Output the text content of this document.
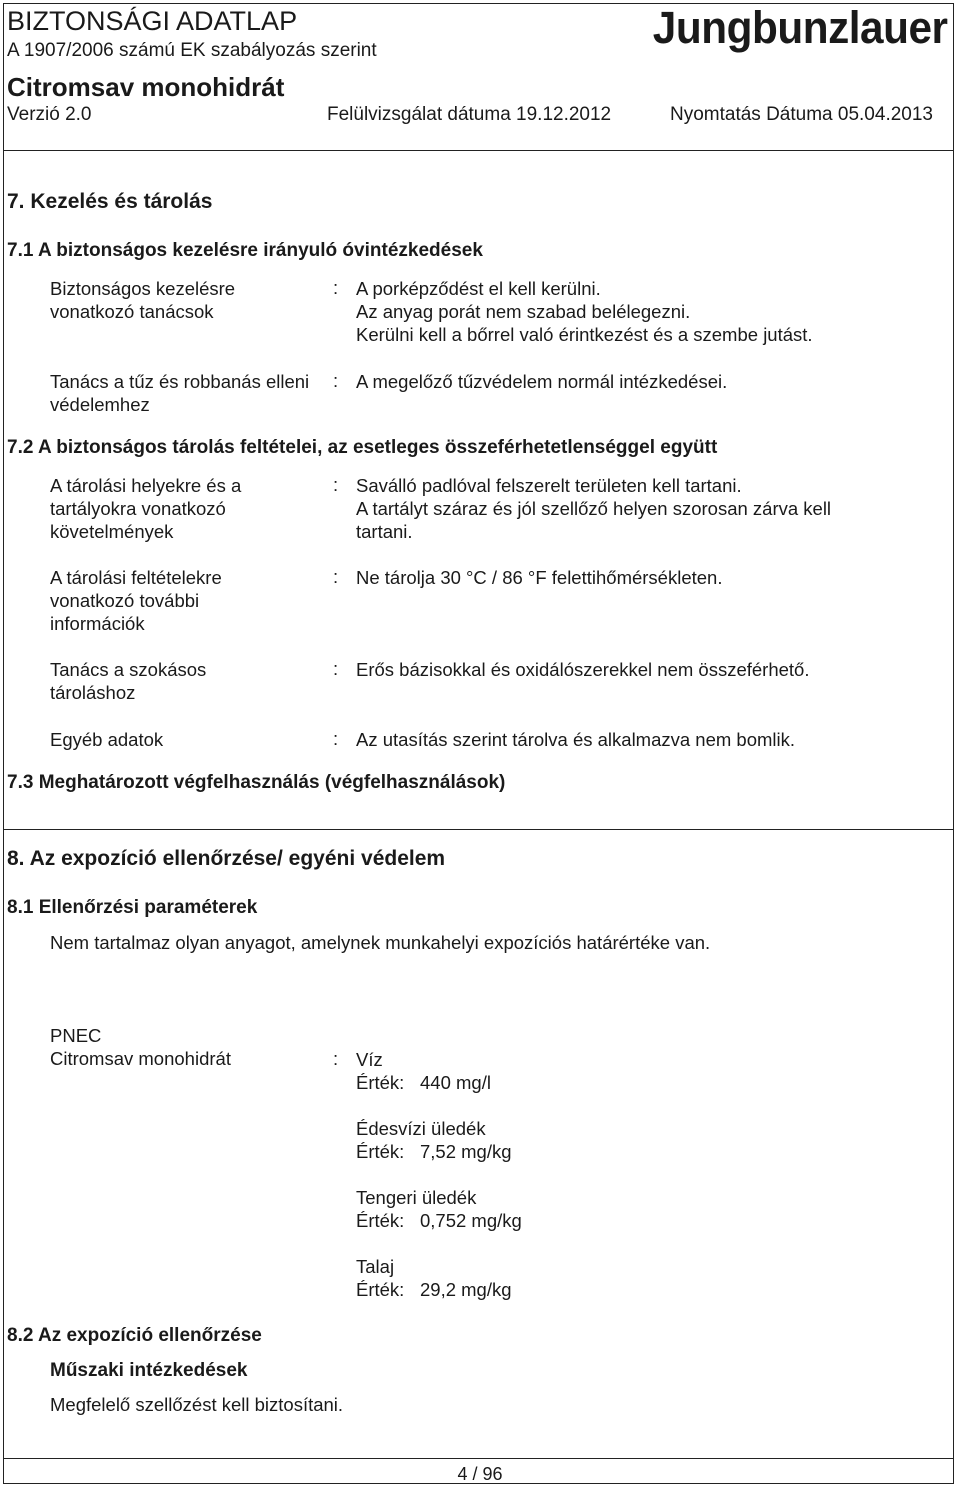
BIZTONSÁGI ADATLAP
A 1907/2006 számú EK szabályozás szerint
Citromsav monohidrát
Verzió 2.0	Felülvizsgálat dátuma 19.12.2012	Nyomtatás Dátuma 05.04.2013
Jungbunzlauer
7. Kezelés és tárolás
7.1 A biztonságos kezelésre irányuló óvintézkedések
Biztonságos kezelésre vonatkozó tanácsok
: A porképződést el kell kerülni.
Az anyag porát nem szabad belélegezni.
Kerülni kell a bőrrel való érintkezést és a szembe jutást.
Tanács a tűz és robbanás elleni védelemhez
: A megelőző tűzvédelem normál intézkedései.
7.2 A biztonságos tárolás feltételei, az esetleges összeférhetetlenséggel együtt
A tárolási helyekre és a tartályokra vonatkozó követelmények
: Saválló padlóval felszerelt területen kell tartani.
A tartályt száraz és jól szellőző helyen szorosan zárva kell
tartani.
A tárolási feltételekre vonatkozó további információk
: Ne tárolja 30 °C / 86 °F felettihőmérsékleten.
Tanács a szokásos tároláshoz
: Erős bázisokkal és oxidálószerekkel nem összeférhető.
Egyéb adatok	: Az utasítás szerint tárolva és alkalmazva nem bomlik.
7.3 Meghatározott végfelhasználás (végfelhasználások)
8. Az expozíció ellenőrzése/ egyéni védelem
8.1 Ellenőrzési paraméterek
Nem tartalmaz olyan anyagot, amelynek munkahelyi expozíciós határértéke van.
PNEC
Citromsav monohidrát	: Víz
Érték: 440 mg/l
Édesvízi üledék
Érték: 7,52 mg/kg
Tengeri üledék
Érték: 0,752 mg/kg
Talaj
Érték: 29,2 mg/kg
8.2 Az expozíció ellenőrzése
Műszaki intézkedések
Megfelelő szellőzést kell biztosítani.
4 / 96
